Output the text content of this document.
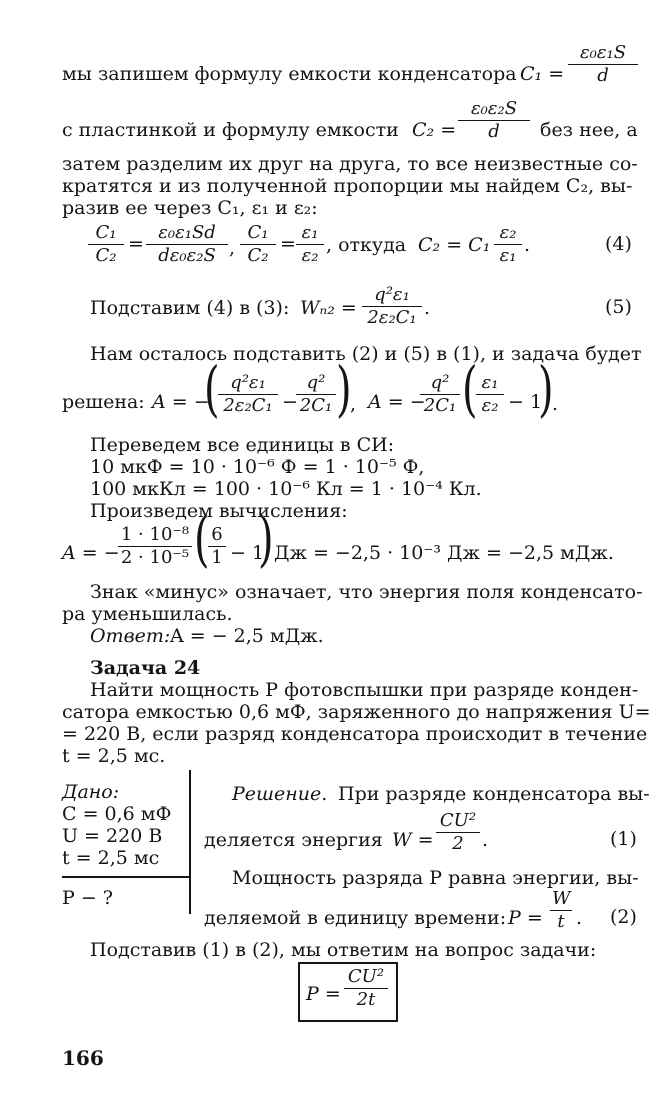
мы запишем формулу емкости конденсатора C₁ =
ε₀ε₁S
d
с пластинкой и формулу емкости C₂ =
ε₀ε₂S
d	без нее, а
затем разделим их друг на друга, то все неизвестные со-
кратятся и из полученной пропорции мы найдем C₂, вы-
разив ее через C₁, ε₁ и ε₂:
C₁
C₂
=
ε₀ε₁Sd
dε₀ε₂S ,
C₁
C₂
=
ε₁
ε₂ , откуда C₂ = C₁
ε₂
ε₁ .	(4)
Подставим (4) в (3): Wₙ₂ =
q²ε₁
2ε₂C₁ .	(5)
Нам осталось подставить (2) и (5) в (1), и задача будет
решена: A = −
( q²ε₁
2ε₂C₁ −
q²
2C₁ )
, A = −
q²
2C₁ ( ε₁
ε₂ − 1
)
.
Переведем все единицы в СИ:
10 мкФ = 10 · 10⁻⁶ Ф = 1 · 10⁻⁵ Ф,
100 мкКл = 100 · 10⁻⁶ Кл = 1 · 10⁻⁴ Кл.
Произведем вычисления:
A = −
1 · 10⁻⁸
2 · 10⁻⁵ ( 6
1 − 1
) Дж = −2,5 · 10⁻³ Дж = −2,5 мДж.
Знак «минус» означает, что энергия поля конденсато-
ра уменьшилась.
Ответ: A = − 2,5 мДж.
Задача 24
Найти мощность P фотовспышки при разряде конден-
сатора емкостью 0,6 мФ, заряженного до напряжения U=
= 220 В, если разряд конденсатора происходит в течение
t = 2,5 мс.
Дано:
C = 0,6 мФ
U = 220 В
t = 2,5 мс
P − ?
Решение. При разряде конденсатора вы-
деляется энергия W =
CU²
2 .	(1)
Мощность разряда P равна энергии, вы-
деляемой в единицу времени: P =
W
t . (2)
Подставив (1) в (2), мы ответим на вопрос задачи:
P =
CU²
2t
166
